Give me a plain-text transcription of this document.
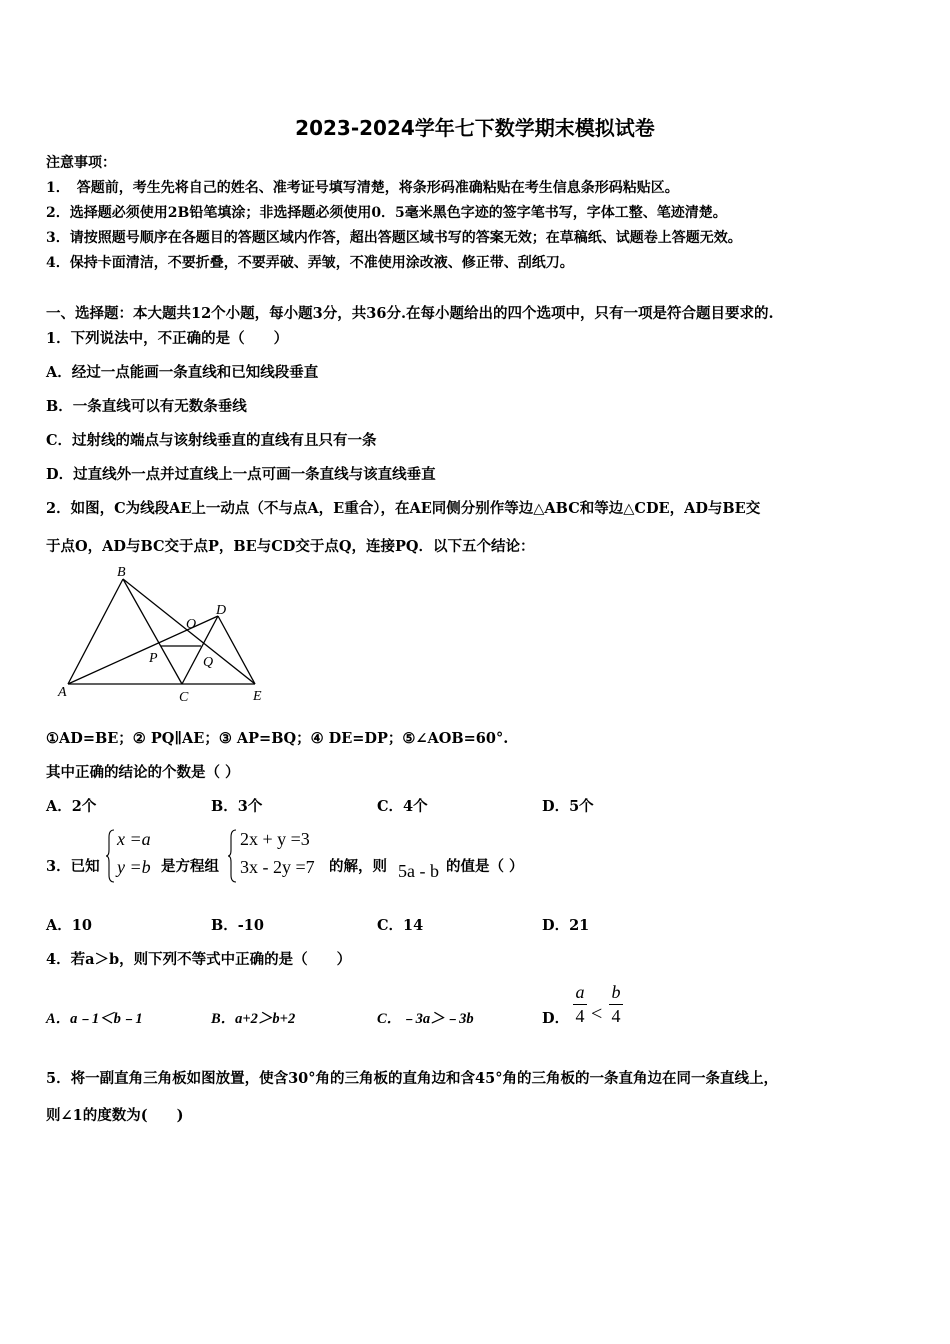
2023-2024学年七下数学期末模拟试卷
注意事项：
1．　答题前，考生先将自己的姓名、准考证号填写清楚，将条形码准确粘贴在考生信息条形码粘贴区。
2．选择题必须使用2B铅笔填涂；非选择题必须使用0．5毫米黑色字迹的签字笔书写，字体工整、笔迹清楚。
3．请按照题号顺序在各题目的答题区域内作答，超出答题区域书写的答案无效；在草稿纸、试题卷上答题无效。
4．保持卡面清洁，不要折叠，不要弄破、弄皱，不准使用涂改液、修正带、刮纸刀。
一、选择题：本大题共12个小题，每小题3分，共36分.在每小题给出的四个选项中，只有一项是符合题目要求的.
1．下列说法中，不正确的是（　　）
A．经过一点能画一条直线和已知线段垂直
B．一条直线可以有无数条垂线
C．过射线的端点与该射线垂直的直线有且只有一条
D．过直线外一点并过直线上一点可画一条直线与该直线垂直
2．如图，C为线段AE上一动点（不与点A，E重合），在AE同侧分别作等边△ABC和等边△CDE，AD与BE交
于点O，AD与BC交于点P，BE与CD交于点Q，连接PQ．以下五个结论：
B
D
O
P	Q
A	C	E
①AD=BE；② PQ∥AE；③ AP=BQ；④ DE=DP；⑤∠AOB=60°.
其中正确的结论的个数是（ ）
A．2个	B．3个	C．4个	D．5个
3．已知
x =a
y =b 是方程组
2x + y =3
3x - 2y =7 的解，则 5a - b 的值是（ ）
A．10	B．-10	C．14	D．21
4．若a＞b，则下列不等式中正确的是（　　）
A．a﹣1＜b﹣1	B．a+2＞b+2	C．﹣3a＞﹣3b	D．
a
4 <
b
4
5．将一副直角三角板如图放置，使含30°角的三角板的直角边和含45°角的三角板的一条直角边在同一条直线上，
则∠1的度数为(　　)
